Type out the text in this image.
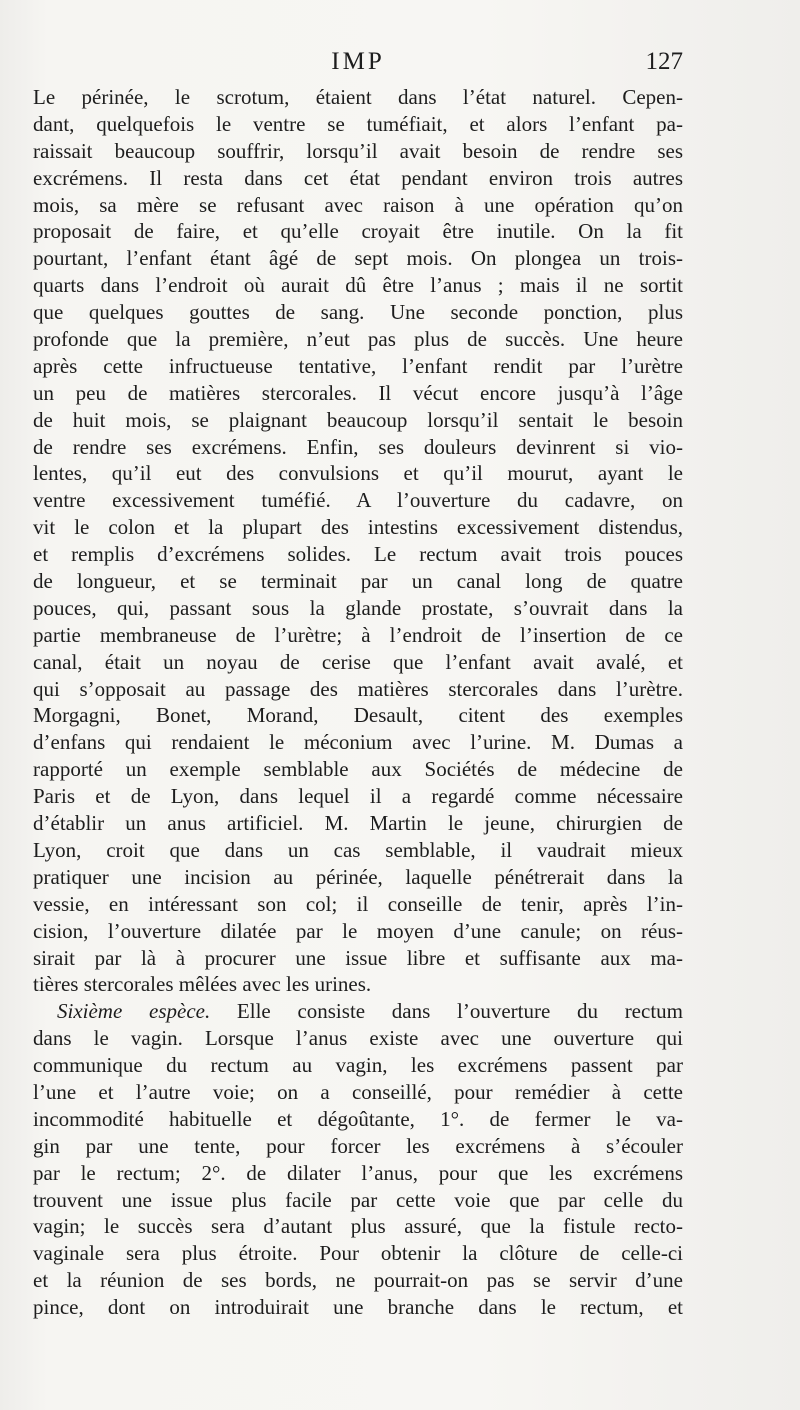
IMP	127
Le périnée, le scrotum, étaient dans l’état naturel. Cepen-
dant, quelquefois le ventre se tuméfiait, et alors l’enfant pa-
raissait beaucoup souffrir, lorsqu’il avait besoin de rendre ses
excrémens. Il resta dans cet état pendant environ trois autres
mois, sa mère se refusant avec raison à une opération qu’on
proposait de faire, et qu’elle croyait être inutile. On la fit
pourtant, l’enfant étant âgé de sept mois. On plongea un trois-
quarts dans l’endroit où aurait dû être l’anus ; mais il ne sortit
que quelques gouttes de sang. Une seconde ponction, plus
profonde que la première, n’eut pas plus de succès. Une heure
après cette infructueuse tentative, l’enfant rendit par l’urètre
un peu de matières stercorales. Il vécut encore jusqu’à l’âge
de huit mois, se plaignant beaucoup lorsqu’il sentait le besoin
de rendre ses excrémens. Enfin, ses douleurs devinrent si vio-
lentes, qu’il eut des convulsions et qu’il mourut, ayant le
ventre excessivement tuméfié. A l’ouverture du cadavre, on
vit le colon et la plupart des intestins excessivement distendus,
et remplis d’excrémens solides. Le rectum avait trois pouces
de longueur, et se terminait par un canal long de quatre
pouces, qui, passant sous la glande prostate, s’ouvrait dans la
partie membraneuse de l’urètre; à l’endroit de l’insertion de ce
canal, était un noyau de cerise que l’enfant avait avalé, et
qui s’opposait au passage des matières stercorales dans l’urètre.
Morgagni, Bonet, Morand, Desault, citent des exemples
d’enfans qui rendaient le méconium avec l’urine. M. Dumas a
rapporté un exemple semblable aux Sociétés de médecine de
Paris et de Lyon, dans lequel il a regardé comme nécessaire
d’établir un anus artificiel. M. Martin le jeune, chirurgien de
Lyon, croit que dans un cas semblable, il vaudrait mieux
pratiquer une incision au périnée, laquelle pénétrerait dans la
vessie, en intéressant son col; il conseille de tenir, après l’in-
cision, l’ouverture dilatée par le moyen d’une canule; on réus-
sirait par là à procurer une issue libre et suffisante aux ma-
tières stercorales mêlées avec les urines.
Sixième espèce. Elle consiste dans l’ouverture du rectum
dans le vagin. Lorsque l’anus existe avec une ouverture qui
communique du rectum au vagin, les excrémens passent par
l’une et l’autre voie; on a conseillé, pour remédier à cette
incommodité habituelle et dégoûtante, 1°. de fermer le va-
gin par une tente, pour forcer les excrémens à s’écouler
par le rectum; 2°. de dilater l’anus, pour que les excrémens
trouvent une issue plus facile par cette voie que par celle du
vagin; le succès sera d’autant plus assuré, que la fistule recto-
vaginale sera plus étroite. Pour obtenir la clôture de celle-ci
et la réunion de ses bords, ne pourrait-on pas se servir d’une
pince, dont on introduirait une branche dans le rectum, et
